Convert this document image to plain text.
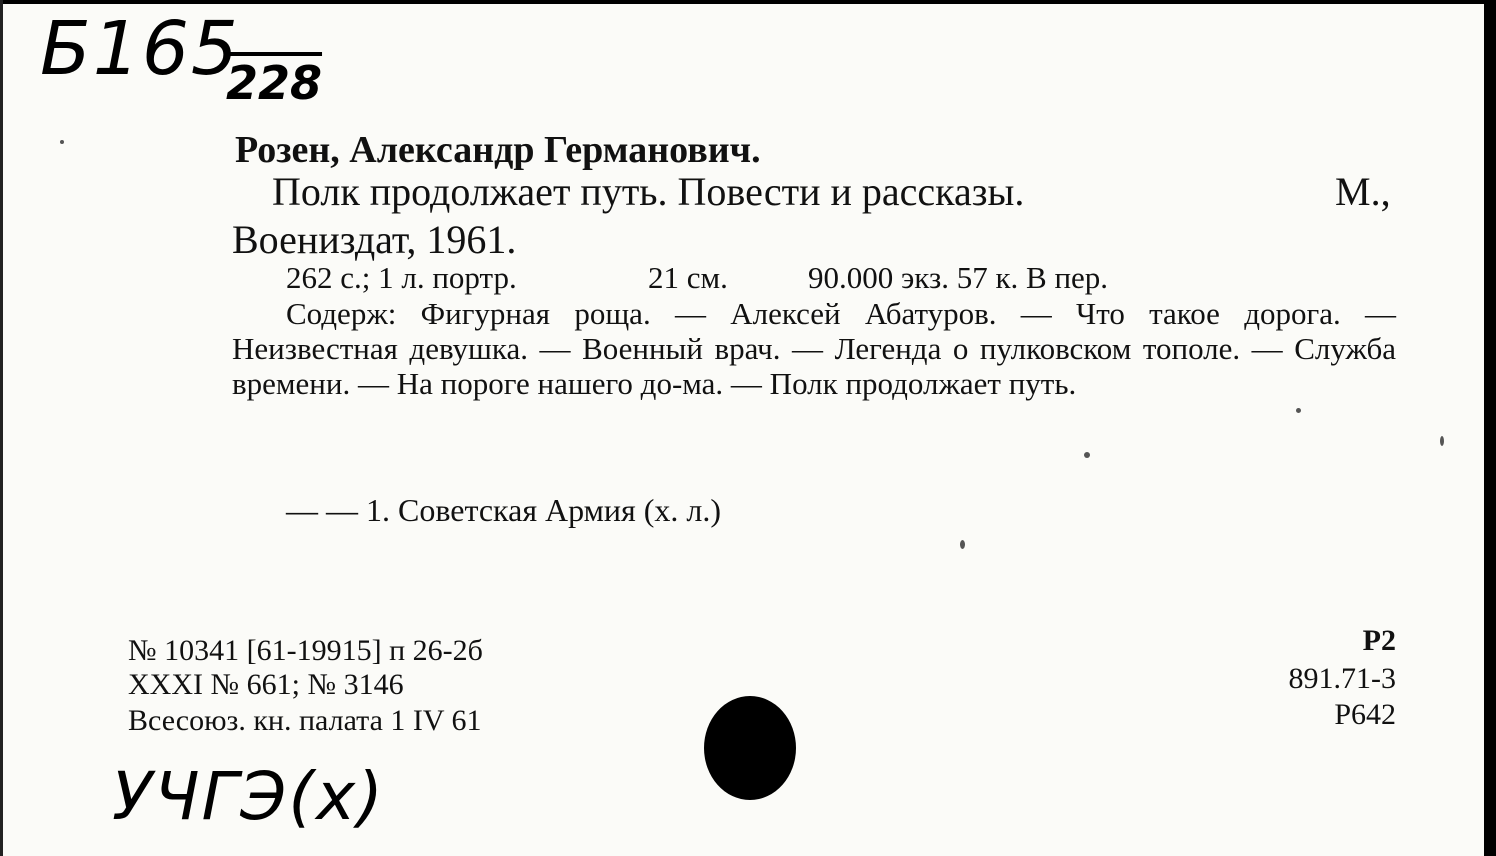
Б165
228
Розен, Александр Германович.
Полк продолжает путь. Повести и рассказы.	М.,
Воениздат, 1961.
262 с.; 1 л. портр.	21 см.	90.000 экз. 57 к. В пер.
Содерж: Фигурная роща. — Алексей Абатуров. — Что такое дорога. — Неизвестная девушка. — Военный врач. — Легенда о пулковском тополе. — Служба времени. — На пороге нашего до-ма. — Полк продолжает путь.
— — 1. Советская Армия (х. л.)
№ 10341 [61-19915] п 26-2б
XXXI № 661; № 3146
Всесоюз. кн. палата 1 IV 61
Р2
891.71-3
Р642
УЧГЭ(х)
